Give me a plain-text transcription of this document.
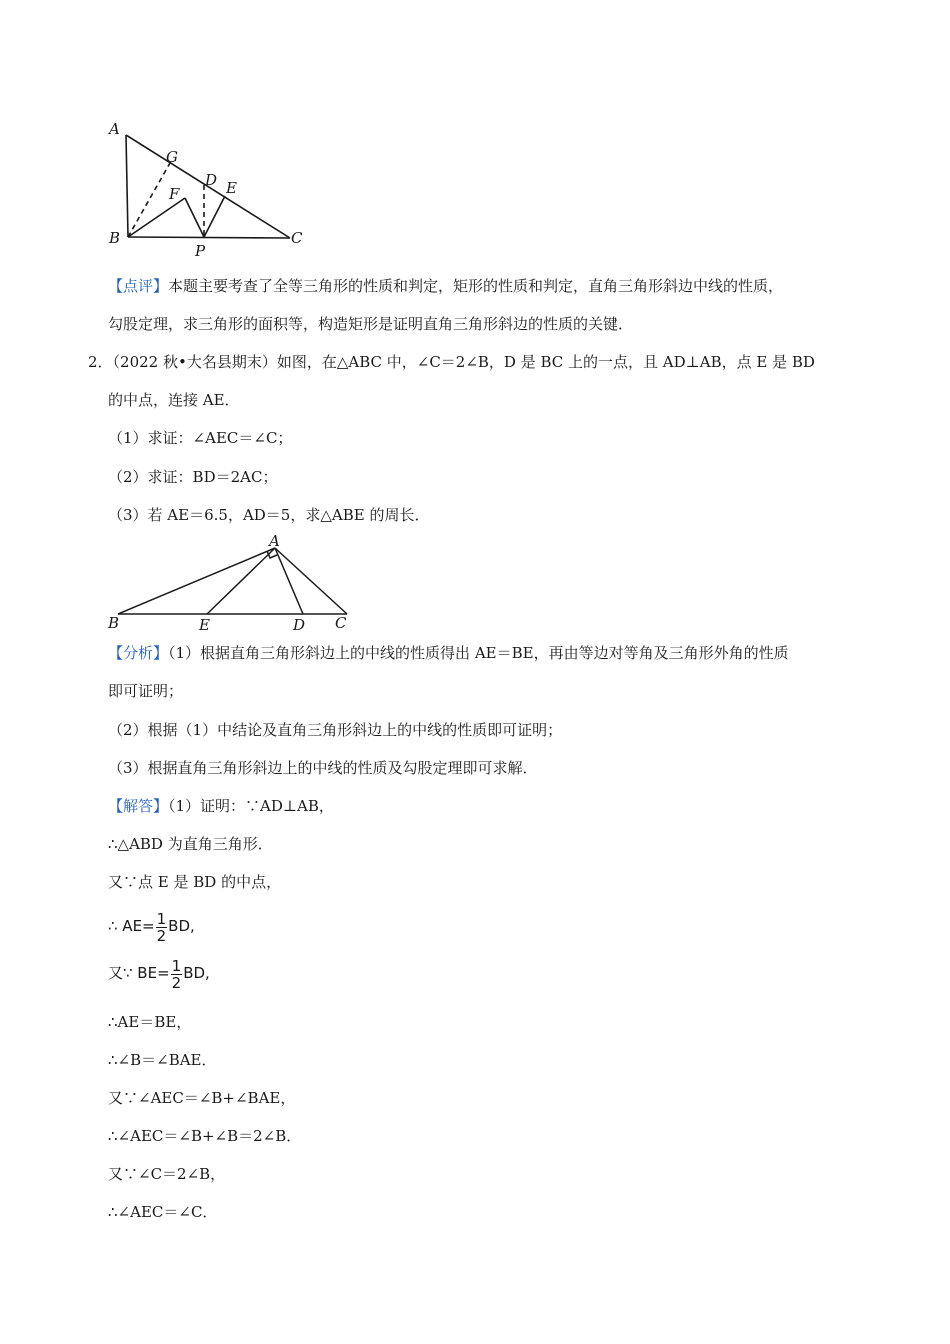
A
G
D
F	E
B
P
C
【点评】本题主要考查了全等三角形的性质和判定，矩形的性质和判定，直角三角形斜边中线的性质，
勾股定理，求三角形的面积等，构造矩形是证明直角三角形斜边的性质的关键．
2．（2022 秋•大名县期末）如图，在△ABC 中，∠C＝2∠B，D 是 BC 上的一点，且 AD⊥AB，点 E 是 BD
的中点，连接 AE．
（1）求证：∠AEC＝∠C；
（2）求证：BD＝2AC；
（3）若 AE＝6.5，AD＝5，求△ABE 的周长．
A
B	E	D C
【分析】（1）根据直角三角形斜边上的中线的性质得出 AE＝BE，再由等边对等角及三角形外角的性质
即可证明；
（2）根据（1）中结论及直角三角形斜边上的中线的性质即可证明；
（3）根据直角三角形斜边上的中线的性质及勾股定理即可求解．
【解答】（1）证明：∵AD⊥AB，
∴△ABD 为直角三角形．
又∵点 E 是 BD 的中点，
∴ $AE= \frac{1}{2}$ BD,
又∵ $BE= \frac{1}{2}$ BD,
∴AE＝BE，
∴∠B＝∠BAE．
又∵∠AEC＝∠B+∠BAE，
∴∠AEC＝∠B+∠B＝2∠B．
又∵∠C＝2∠B，
∴∠AEC＝∠C．
